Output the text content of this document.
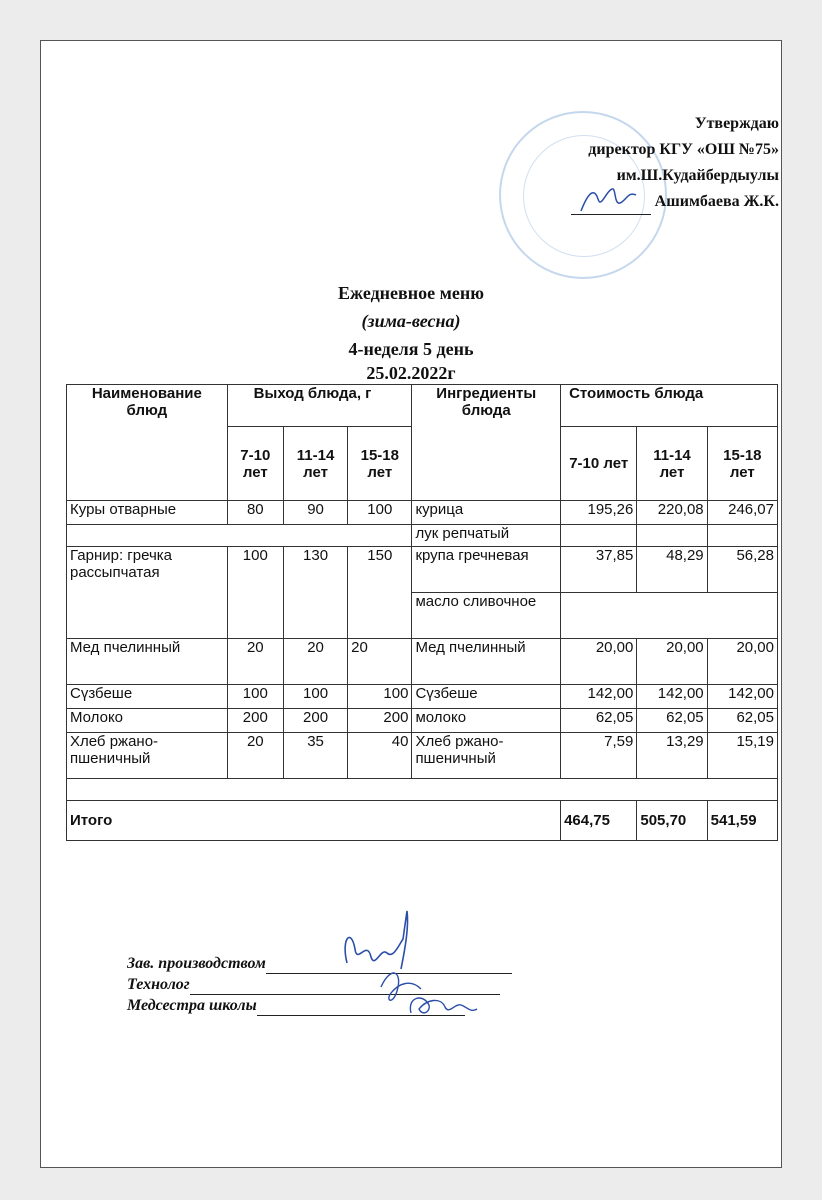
Утверждаю
директор КГУ «ОШ №75»
им.Ш.Кудайбердыулы
Ашимбаева Ж.К.
Ежедневное меню
(зима-весна)
4-неделя 5 день
25.02.2022г
Наименование блюд	Выход блюда, г			Ингредиенты блюда	Стоимость блюда		
	7-10 лет	11-14 лет	15-18 лет		7-10 лет	11-14 лет	15-18 лет
Куры отварные	80	90	100	курица	195,26	220,08	246,07
				лук репчатый			
Гарнир: гречка рассыпчатая	100	130	150	крупа гречневая	37,85	48,29	56,28
				масло сливочное			
Мед пчелинный	20	20	20	Мед пчелинный	20,00	20,00	20,00
Сүзбеше	100	100	100	Сүзбеше	142,00	142,00	142,00
Молоко	200	200	200	молоко	62,05	62,05	62,05
Хлеб ржано-пшеничный	20	35	40	Хлеб ржано-пшеничный	7,59	13,29	15,19

Итого					464,75	505,70	541,59
Зав. производством
Технолог
Медсестра школы
